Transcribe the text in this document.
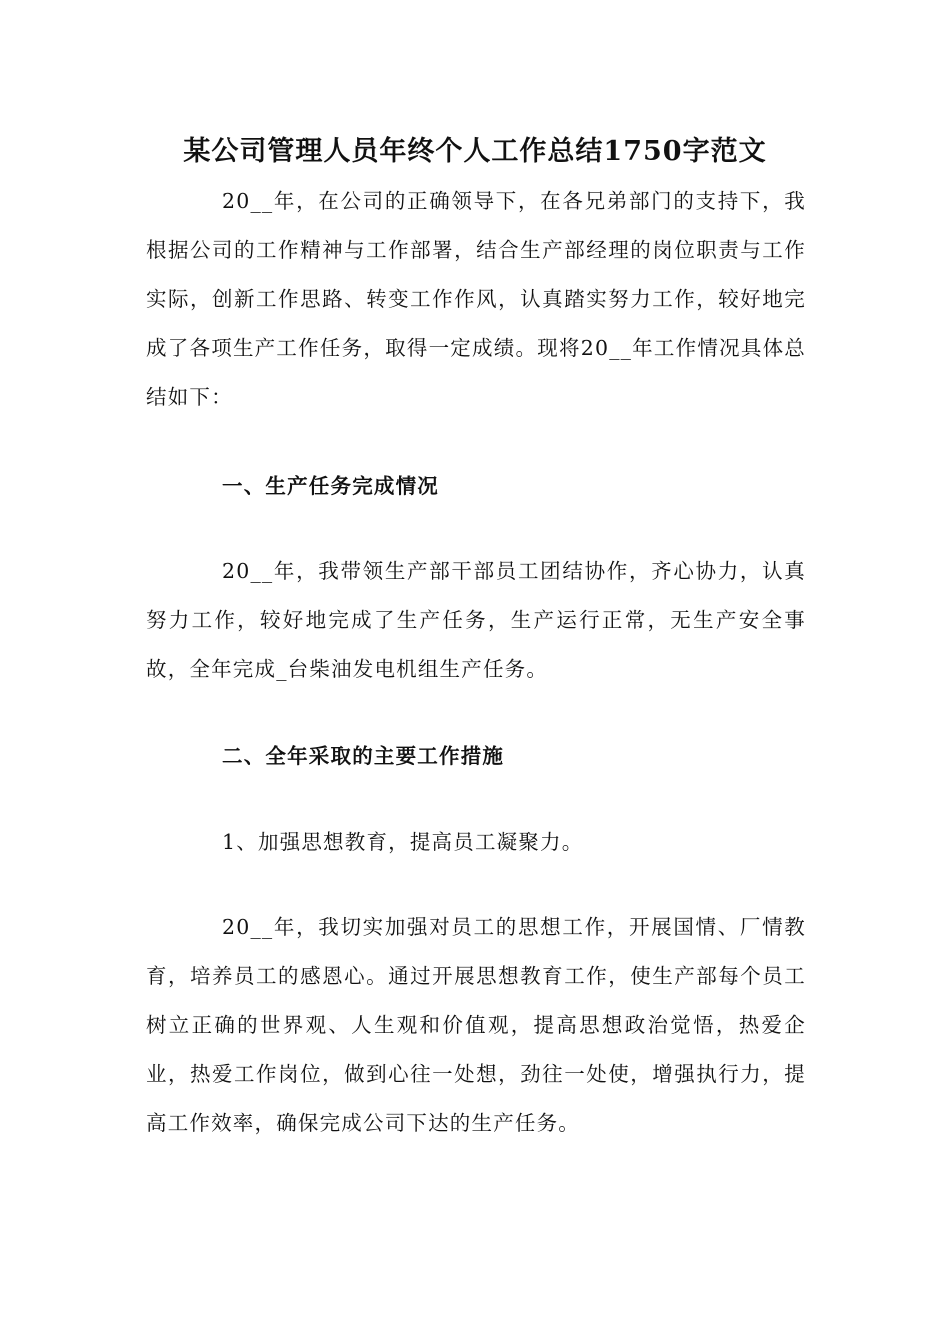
某公司管理人员年终个人工作总结1750字范文
20__年，在公司的正确领导下，在各兄弟部门的支持下，我根据公司的工作精神与工作部署，结合生产部经理的岗位职责与工作实际，创新工作思路、转变工作作风，认真踏实努力工作，较好地完成了各项生产工作任务，取得一定成绩。现将20__年工作情况具体总结如下：
一、生产任务完成情况
20__年，我带领生产部干部员工团结协作，齐心协力，认真努力工作，较好地完成了生产任务，生产运行正常，无生产安全事故，全年完成_台柴油发电机组生产任务。
二、全年采取的主要工作措施
1、加强思想教育，提高员工凝聚力。
20__年，我切实加强对员工的思想工作，开展国情、厂情教育，培养员工的感恩心。通过开展思想教育工作，使生产部每个员工树立正确的世界观、人生观和价值观，提高思想政治觉悟，热爱企业，热爱工作岗位，做到心往一处想，劲往一处使，增强执行力，提高工作效率，确保完成公司下达的生产任务。
